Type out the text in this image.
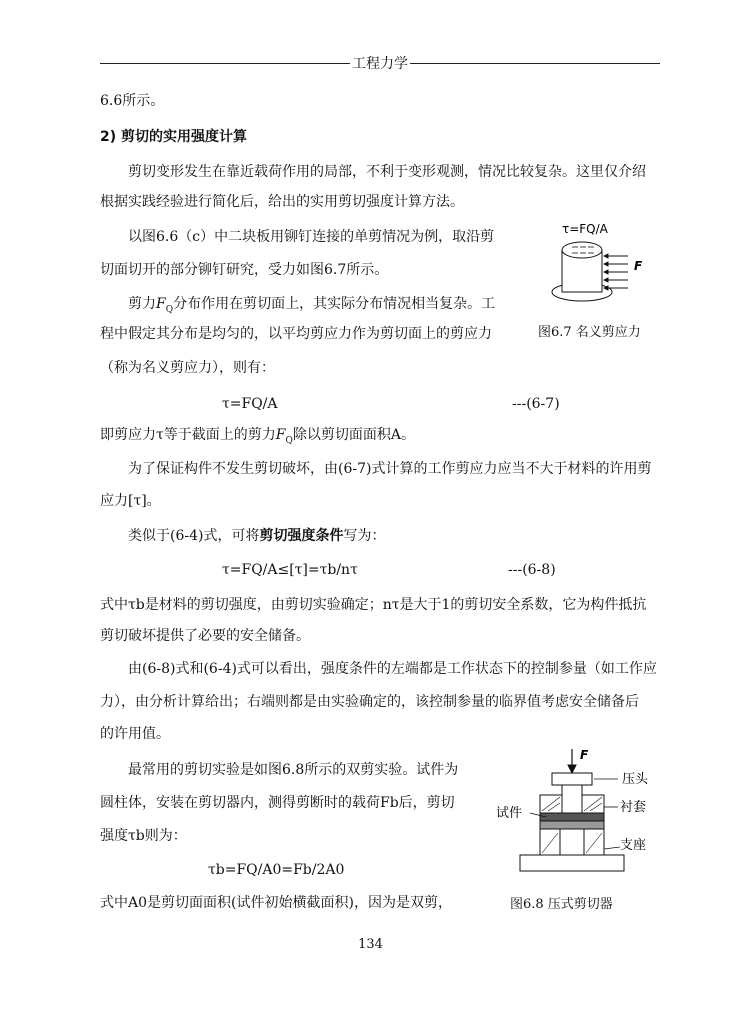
工程力学
6.6所示。
2) 剪切的实用强度计算
剪切变形发生在靠近载荷作用的局部，不利于变形观测，情况比较复杂。这里仅介绍
根据实践经验进行简化后，给出的实用剪切强度计算方法。
以图6.6（c）中二块板用铆钉连接的单剪情况为例，取沿剪
切面切开的部分铆钉研究，受力如图6.7所示。
剪力$F_Q$分布作用在剪切面上，其实际分布情况相当复杂。工
程中假定其分布是均匀的，以平均剪应力作为剪切面上的剪应力
（称为名义剪应力），则有：
τ=FQ/A	---(6-7)
即剪应力τ等于截面上的剪力$F_Q$除以剪切面面积A。
为了保证构件不发生剪切破坏，由(6-7)式计算的工作剪应力应当不大于材料的许用剪
应力[τ]。
类似于(6-4)式，可将剪切强度条件写为：
τ=FQ/A≤[τ]=τb/nτ	---(6-8)
式中τb是材料的剪切强度，由剪切实验确定；nτ是大于1的剪切安全系数，它为构件抵抗
剪切破坏提供了必要的安全储备。
由(6-8)式和(6-4)式可以看出，强度条件的左端都是工作状态下的控制参量（如工作应
力），由分析计算给出；右端则都是由实验确定的，该控制参量的临界值考虑安全储备后
的许用值。
最常用的剪切实验是如图6.8所示的双剪实验。试件为
圆柱体，安装在剪切器内，测得剪断时的载荷Fb后，剪切
强度τb则为：
τb=FQ/A0=Fb/2A0
式中A0是剪切面面积(试件初始横截面积)，因为是双剪，
τ=FQ/A
F
图6.7 名义剪应力
F
压头
试件	衬套
支座
图6.8 压式剪切器
134
